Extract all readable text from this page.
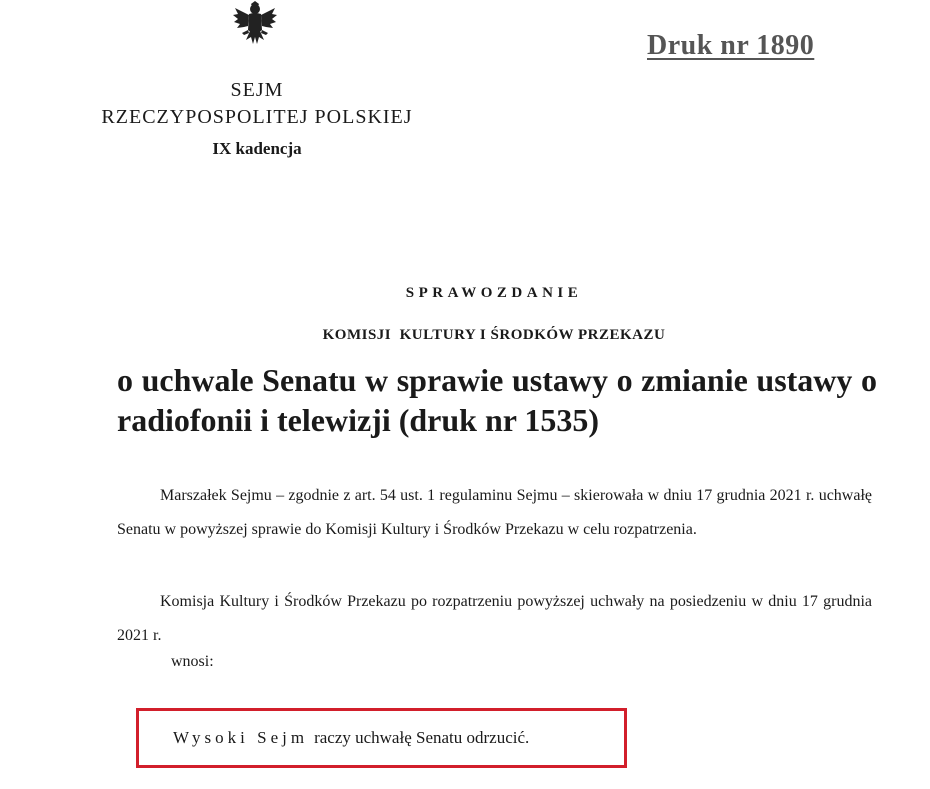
SEJM
RZECZYPOSPOLITEJ POLSKIEJ
IX kadencja
Druk nr 1890
SPRAWOZDANIE
KOMISJI  KULTURY I ŚRODKÓW PRZEKAZU
o uchwale Senatu w sprawie ustawy o zmianie ustawy o radiofonii i telewizji (druk nr 1535)
Marszałek Sejmu – zgodnie z art. 54 ust. 1 regulaminu Sejmu – skierowała w dniu 17 grudnia 2021 r. uchwałę Senatu w powyższej sprawie do Komisji Kultury i Środków Przekazu w celu rozpatrzenia.
Komisja Kultury i Środków Przekazu po rozpatrzeniu powyższej uchwały na posiedzeniu w dniu 17 grudnia 2021 r.
wnosi:
Wysoki Sejm raczy uchwałę Senatu odrzucić.
